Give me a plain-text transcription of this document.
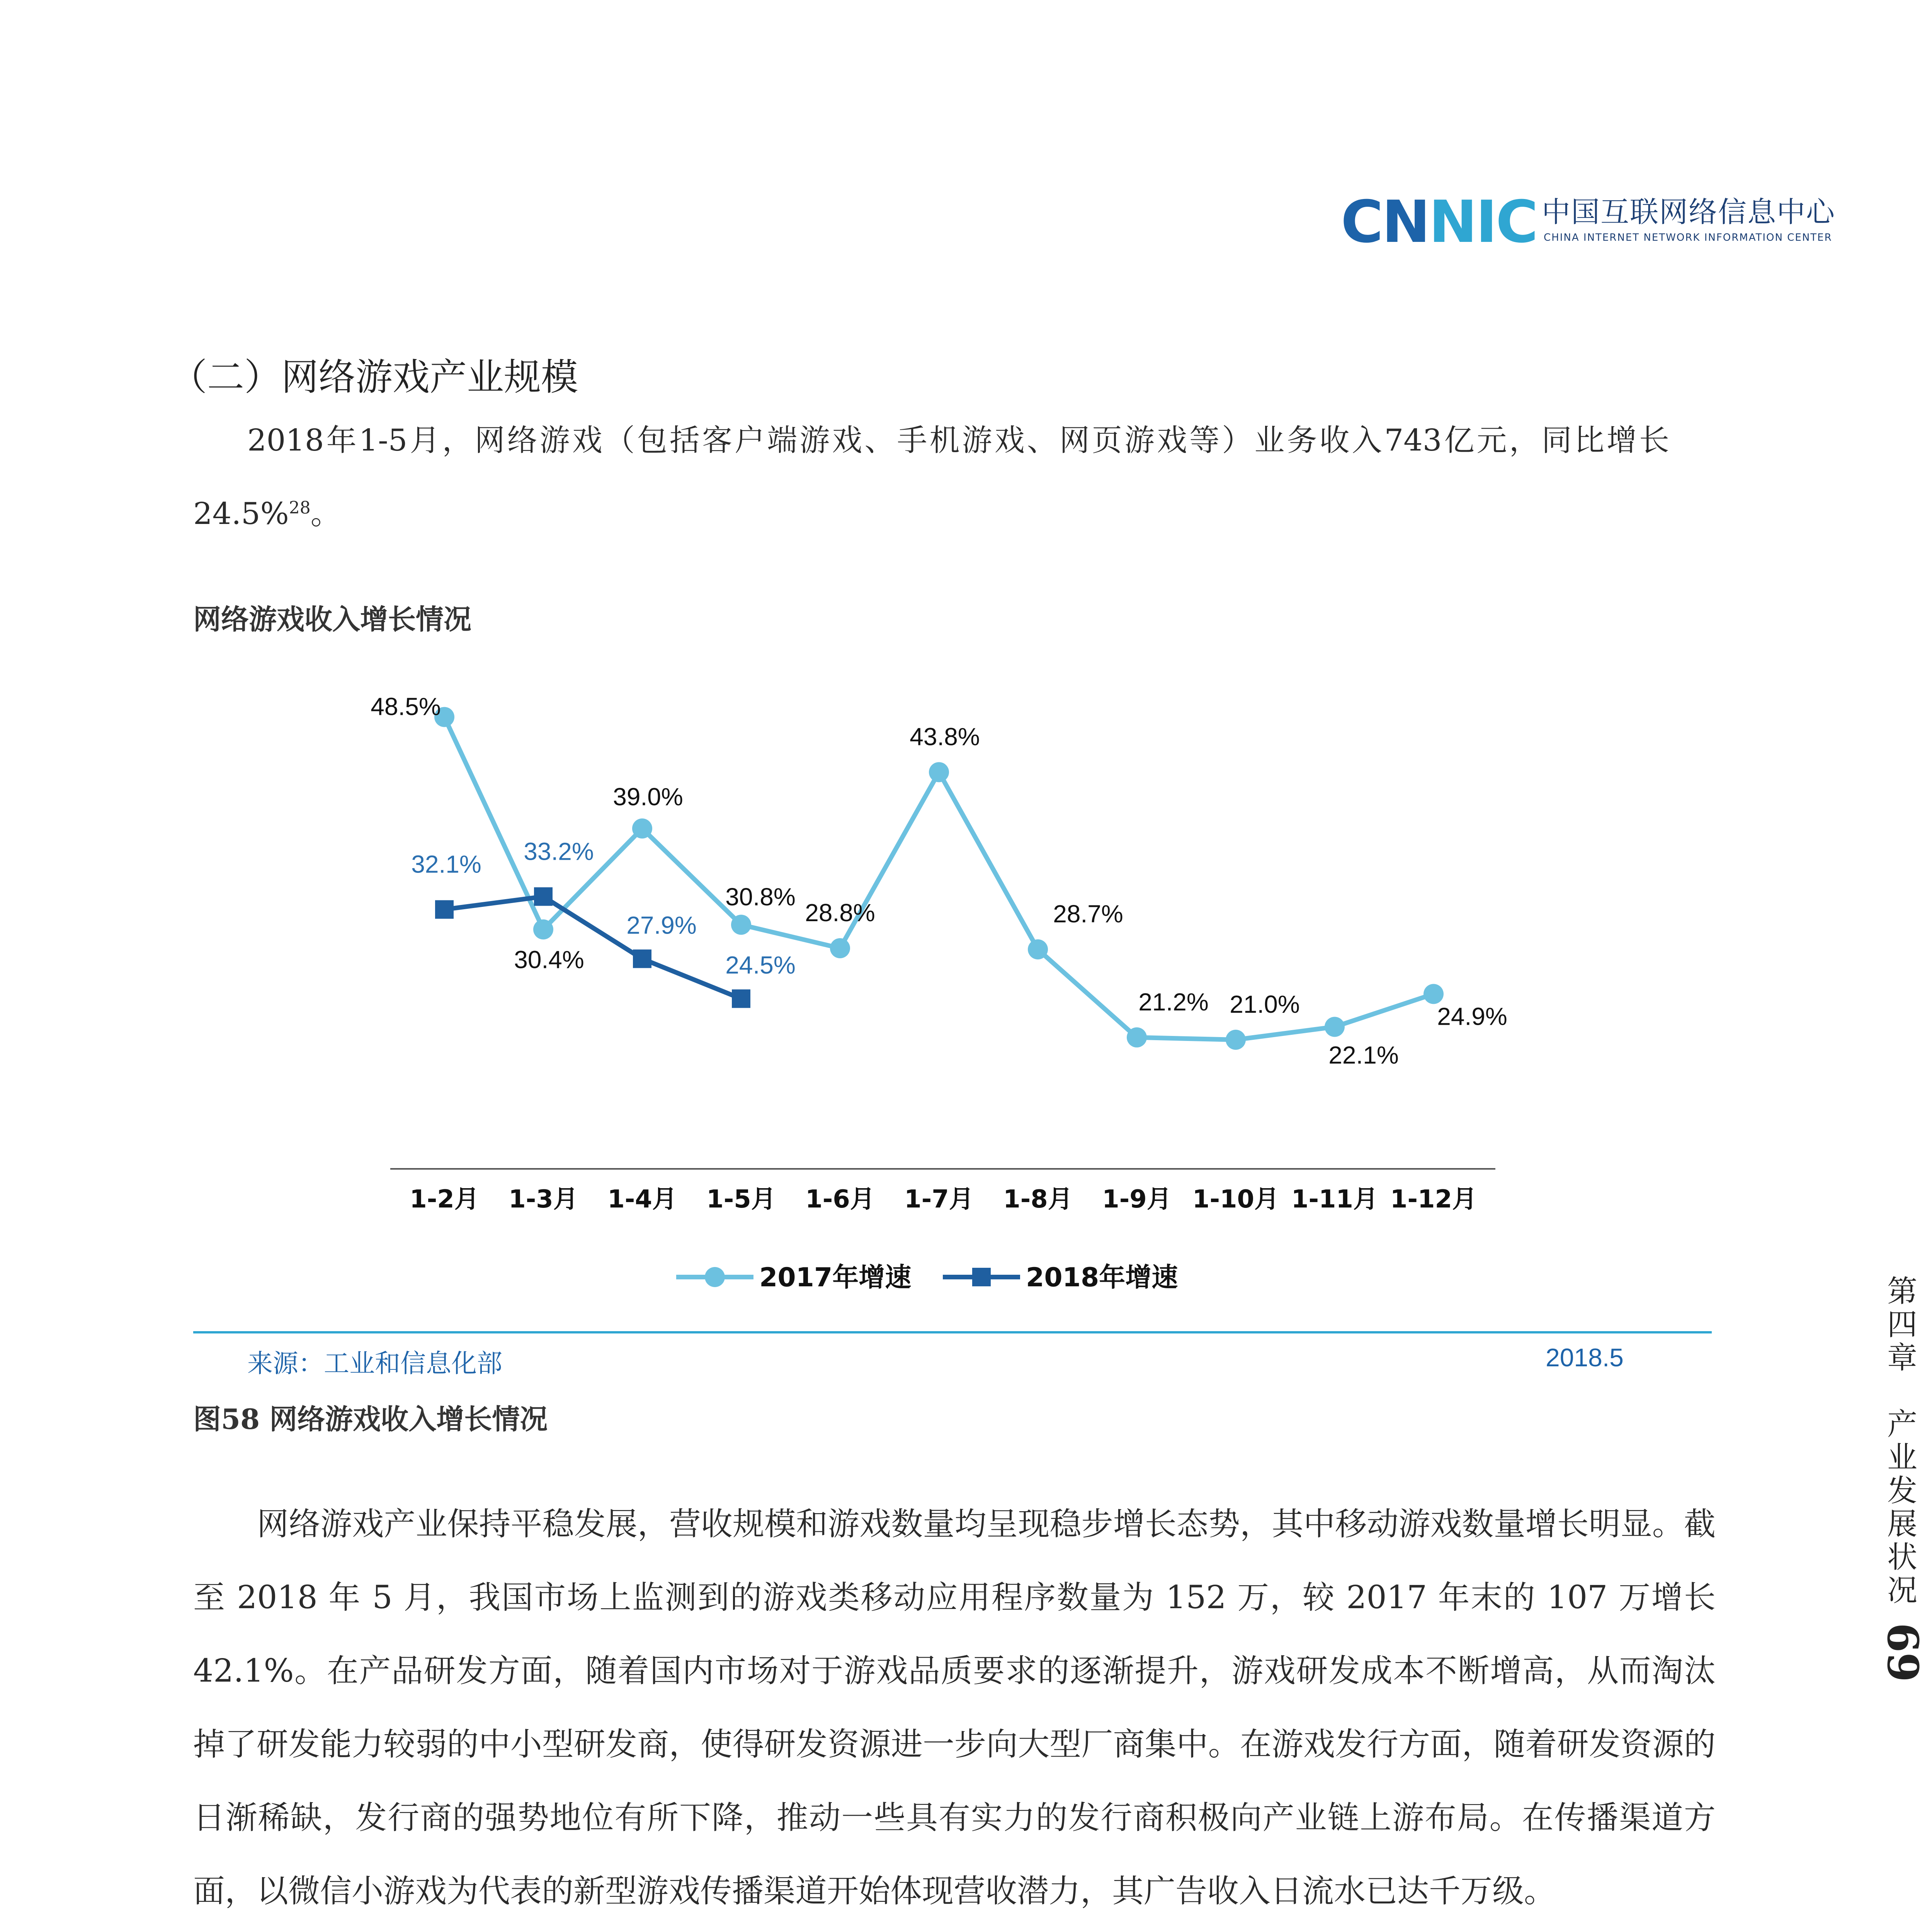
CNNIC 中国互联网络信息中心
CHINA INTERNET NETWORK INFORMATION CENTER
（二）网络游戏产业规模
2018年1-5月，网络游戏（包括客户端游戏、手机游戏、网页游戏等）业务收入743亿元，同比增长24.5%$^{28}$。
网络游戏收入增长情况
1-2月 1-3月 1-4月 1-5月 1-6月 1-7月 1-8月 1-9月 1-10月 1-11月 1-12月
48.5%
30.4%
39.0%
30.8%
28.8%
43.8%
28.7%
21.2% 21.0%
22.1%
24.9%
32.1% 33.2%
27.9%
24.5%
2017年增速	2018年增速
来源：工业和信息化部	2018.5
图58 网络游戏收入增长情况
网络游戏产业保持平稳发展，营收规模和游戏数量均呈现稳步增长态势，其中移动游戏数量增长明显。截至 2018 年 5 月，我国市场上监测到的游戏类移动应用程序数量为 152 万，较 2017 年末的 107 万增长 42.1%。在产品研发方面，随着国内市场对于游戏品质要求的逐渐提升，游戏研发成本不断增高，从而淘汰掉了研发能力较弱的中小型研发商，使得研发资源进一步向大型厂商集中。在游戏发行方面，随着研发资源的日渐稀缺，发行商的强势地位有所下降，推动一些具有实力的发行商积极向产业链上游布局。在传播渠道方面，以微信小游戏为代表的新型游戏传播渠道开始体现营收潜力，其广告收入日流水已达千万级。
第四章　产业发展状况
69
